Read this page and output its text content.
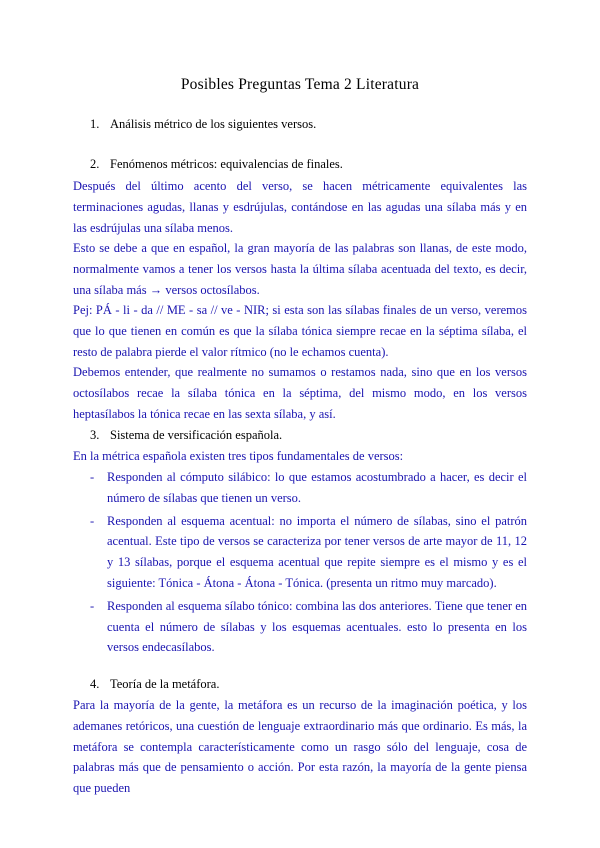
Posibles Preguntas Tema 2 Literatura
1. Análisis métrico de los siguientes versos.
2. Fenómenos métricos: equivalencias de finales.
Después del último acento del verso, se hacen métricamente equivalentes las terminaciones agudas, llanas y esdrújulas, contándose en las agudas una sílaba más y en las esdrújulas una sílaba menos.
Esto se debe a que en español, la gran mayoría de las palabras son llanas, de este modo, normalmente vamos a tener los versos hasta la última sílaba acentuada del texto, es decir, una sílaba más → versos octosílabos.
Pej: PÁ - li - da // ME - sa // ve - NIR; si esta son las sílabas finales de un verso, veremos que lo que tienen en común es que la sílaba tónica siempre recae en la séptima sílaba, el resto de palabra pierde el valor rítmico (no le echamos cuenta).
Debemos entender, que realmente no sumamos o restamos nada, sino que en los versos octosílabos recae la sílaba tónica en la séptima, del mismo modo, en los versos heptasílabos la tónica recae en las sexta sílaba, y así.
3. Sistema de versificación española.
En la métrica española existen tres tipos fundamentales de versos:
- Responden al cómputo silábico: lo que estamos acostumbrado a hacer, es decir el número de sílabas que tienen un verso.
- Responden al esquema acentual: no importa el número de sílabas, sino el patrón acentual. Este tipo de versos se caracteriza por tener versos de arte mayor de 11, 12 y 13 sílabas, porque el esquema acentual que repite siempre es el mismo y es el siguiente: Tónica - Átona - Átona - Tónica. (presenta un ritmo muy marcado).
- Responden al esquema sílabo tónico: combina las dos anteriores. Tiene que tener en cuenta el número de sílabas y los esquemas acentuales. esto lo presenta en los versos endecasílabos.
4. Teoría de la metáfora.
Para la mayoría de la gente, la metáfora es un recurso de la imaginación poética, y los ademanes retóricos, una cuestión de lenguaje extraordinario más que ordinario. Es más, la metáfora se contempla característicamente como un rasgo sólo del lenguaje, cosa de palabras más que de pensamiento o acción. Por esta razón, la mayoría de la gente piensa que pueden
